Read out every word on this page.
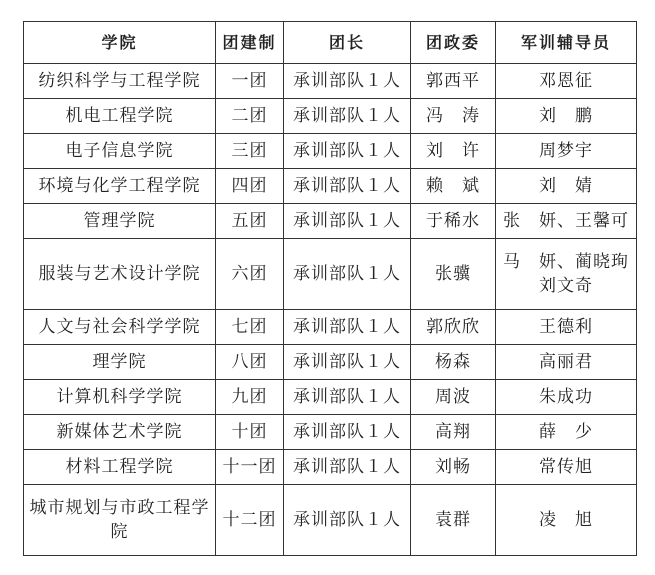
学院	团建制	团长	团政委	军训辅导员
纺织科学与工程学院	一团	承训部队１人	郭西平	邓恩征
机电工程学院	二团	承训部队１人	冯　涛	刘　鹏
电子信息学院	三团	承训部队１人	刘　许	周梦宇
环境与化学工程学院	四团	承训部队１人	赖　斌	刘　婧
管理学院	五团	承训部队１人	于稀水	张　妍、王馨可
服装与艺术设计学院	六团	承训部队１人	张骥	马　妍、蔺晓珣刘文奇
人文与社会科学学院	七团	承训部队１人	郭欣欣	王德利
理学院	八团	承训部队１人	杨森	高丽君
计算机科学学院	九团	承训部队１人	周波	朱成功
新媒体艺术学院	十团	承训部队１人	高翔	薛　少
材料工程学院	十一团	承训部队１人	刘畅	常传旭
城市规划与市政工程学院	十二团	承训部队１人	袁群	凌　旭
